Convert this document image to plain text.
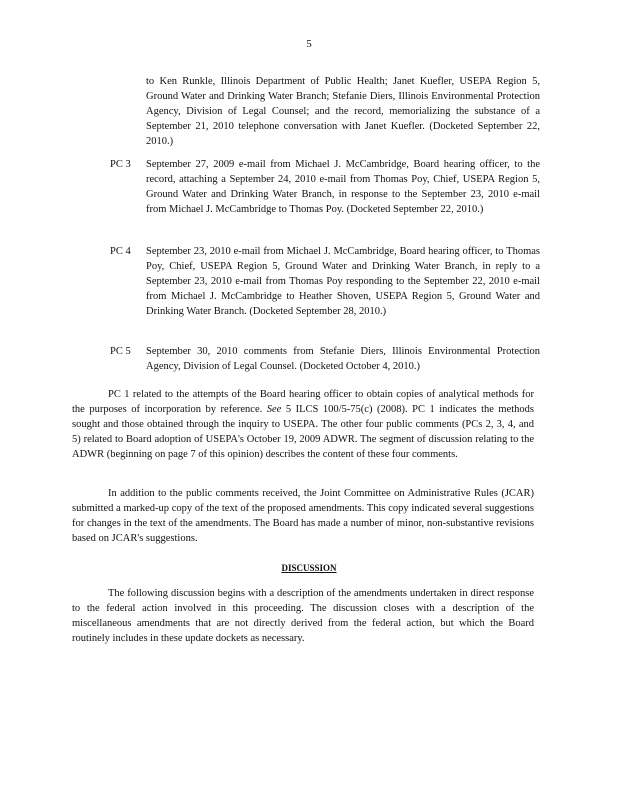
5
to Ken Runkle, Illinois Department of Public Health; Janet Kuefler, USEPA Region 5, Ground Water and Drinking Water Branch; Stefanie Diers, Illinois Environmental Protection Agency, Division of Legal Counsel; and the record, memorializing the substance of a September 21, 2010 telephone conversation with Janet Kuefler. (Docketed September 22, 2010.)
PC 3	September 27, 2009 e-mail from Michael J. McCambridge, Board hearing officer, to the record, attaching a September 24, 2010 e-mail from Thomas Poy, Chief, USEPA Region 5, Ground Water and Drinking Water Branch, in response to the September 23, 2010 e-mail from Michael J. McCambridge to Thomas Poy. (Docketed September 22, 2010.)
PC 4	September 23, 2010 e-mail from Michael J. McCambridge, Board hearing officer, to Thomas Poy, Chief, USEPA Region 5, Ground Water and Drinking Water Branch, in reply to a September 23, 2010 e-mail from Thomas Poy responding to the September 22, 2010 e-mail from Michael J. McCambridge to Heather Shoven, USEPA Region 5, Ground Water and Drinking Water Branch. (Docketed September 28, 2010.)
PC 5	September 30, 2010 comments from Stefanie Diers, Illinois Environmental Protection Agency, Division of Legal Counsel. (Docketed October 4, 2010.)
PC 1 related to the attempts of the Board hearing officer to obtain copies of analytical methods for the purposes of incorporation by reference. See 5 ILCS 100/5-75(c) (2008). PC 1 indicates the methods sought and those obtained through the inquiry to USEPA. The other four public comments (PCs 2, 3, 4, and 5) related to Board adoption of USEPA's October 19, 2009 ADWR. The segment of discussion relating to the ADWR (beginning on page 7 of this opinion) describes the content of these four comments.
In addition to the public comments received, the Joint Committee on Administrative Rules (JCAR) submitted a marked-up copy of the text of the proposed amendments. This copy indicated several suggestions for changes in the text of the amendments. The Board has made a number of minor, non-substantive revisions based on JCAR's suggestions.
DISCUSSION
The following discussion begins with a description of the amendments undertaken in direct response to the federal action involved in this proceeding. The discussion closes with a description of the miscellaneous amendments that are not directly derived from the federal action, but which the Board routinely includes in these update dockets as necessary.
